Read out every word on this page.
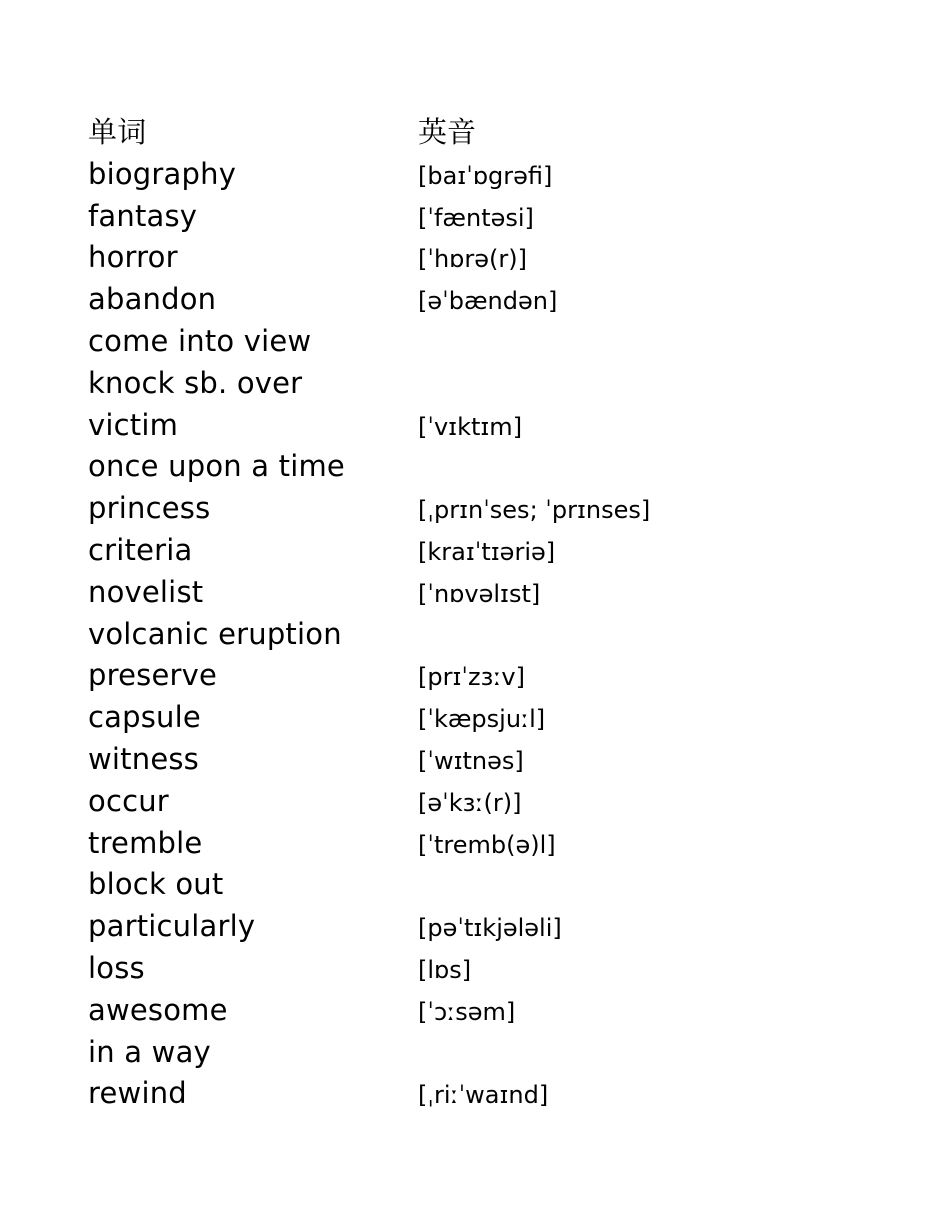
单词	英音
biography	[baɪˈɒgrəfi]
fantasy	[ˈfæntəsi]
horror	[ˈhɒrə(r)]
abandon	[əˈbændən]
come into view
knock sb. over
victim	[ˈvɪktɪm]
once upon a time
princess	[ˌprɪnˈses; ˈprɪnses]
criteria	[kraɪˈtɪəriə]
novelist	[ˈnɒvəlɪst]
volcanic eruption
preserve	[prɪˈzɜːv]
capsule	[ˈkæpsjuːl]
witness	[ˈwɪtnəs]
occur	[əˈkɜː(r)]
tremble	[ˈtremb(ə)l]
block out
particularly	[pəˈtɪkjələli]
loss	[lɒs]
awesome	[ˈɔːsəm]
in a way
rewind	[ˌriːˈwaɪnd]
